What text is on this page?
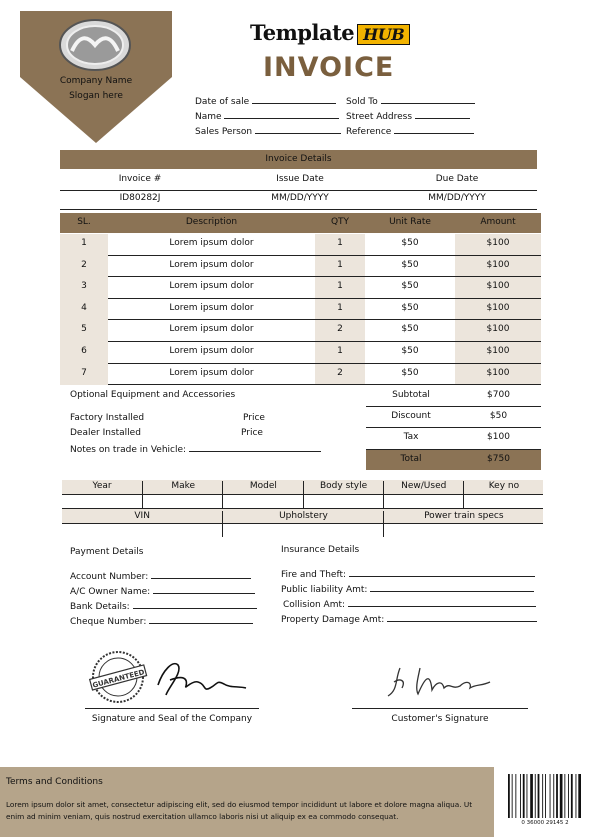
Company Name
Slogan here
Template HUB
INVOICE
Date of sale
Name
Sales Person
Sold To
Street Address
Reference
Invoice Details
Invoice #	Issue Date	Due Date
ID80282J	MM/DD/YYYY	MM/DD/YYYY
SL.	Description	QTY	Unit Rate	Amount
1	Lorem ipsum dolor	1	$50	$100
2	Lorem ipsum dolor	1	$50	$100
3	Lorem ipsum dolor	1	$50	$100
4	Lorem ipsum dolor	1	$50	$100
5	Lorem ipsum dolor	2	$50	$100
6	Lorem ipsum dolor	1	$50	$100
7	Lorem ipsum dolor	2	$50	$100
Optional Equipment and Accessories
Factory Installed	Price
Dealer Installed	Price
Notes on trade in Vehicle:
Subtotal	$700
Discount	$50
Tax	$100
Total	$750
Year	Make	Model	Body style	New/Used	Key no
VIN	Upholstery	Power train specs
Payment Details
Account Number:
A/C Owner Name:
Bank Details:
Cheque Number:
Insurance Details
Fire and Theft:
Public liability Amt:
Collision Amt:
Property Damage Amt:
GUARANTEED
Signature and Seal of the Company	Customer's Signature
Terms and Conditions
Lorem ipsum dolor sit amet, consectetur adipiscing elit, sed do eiusmod tempor incididunt ut labore et dolore magna aliqua. Ut enim ad minim veniam, quis nostrud exercitation ullamco laboris nisi ut aliquip ex ea commodo consequat.
0 36000 29145 2
